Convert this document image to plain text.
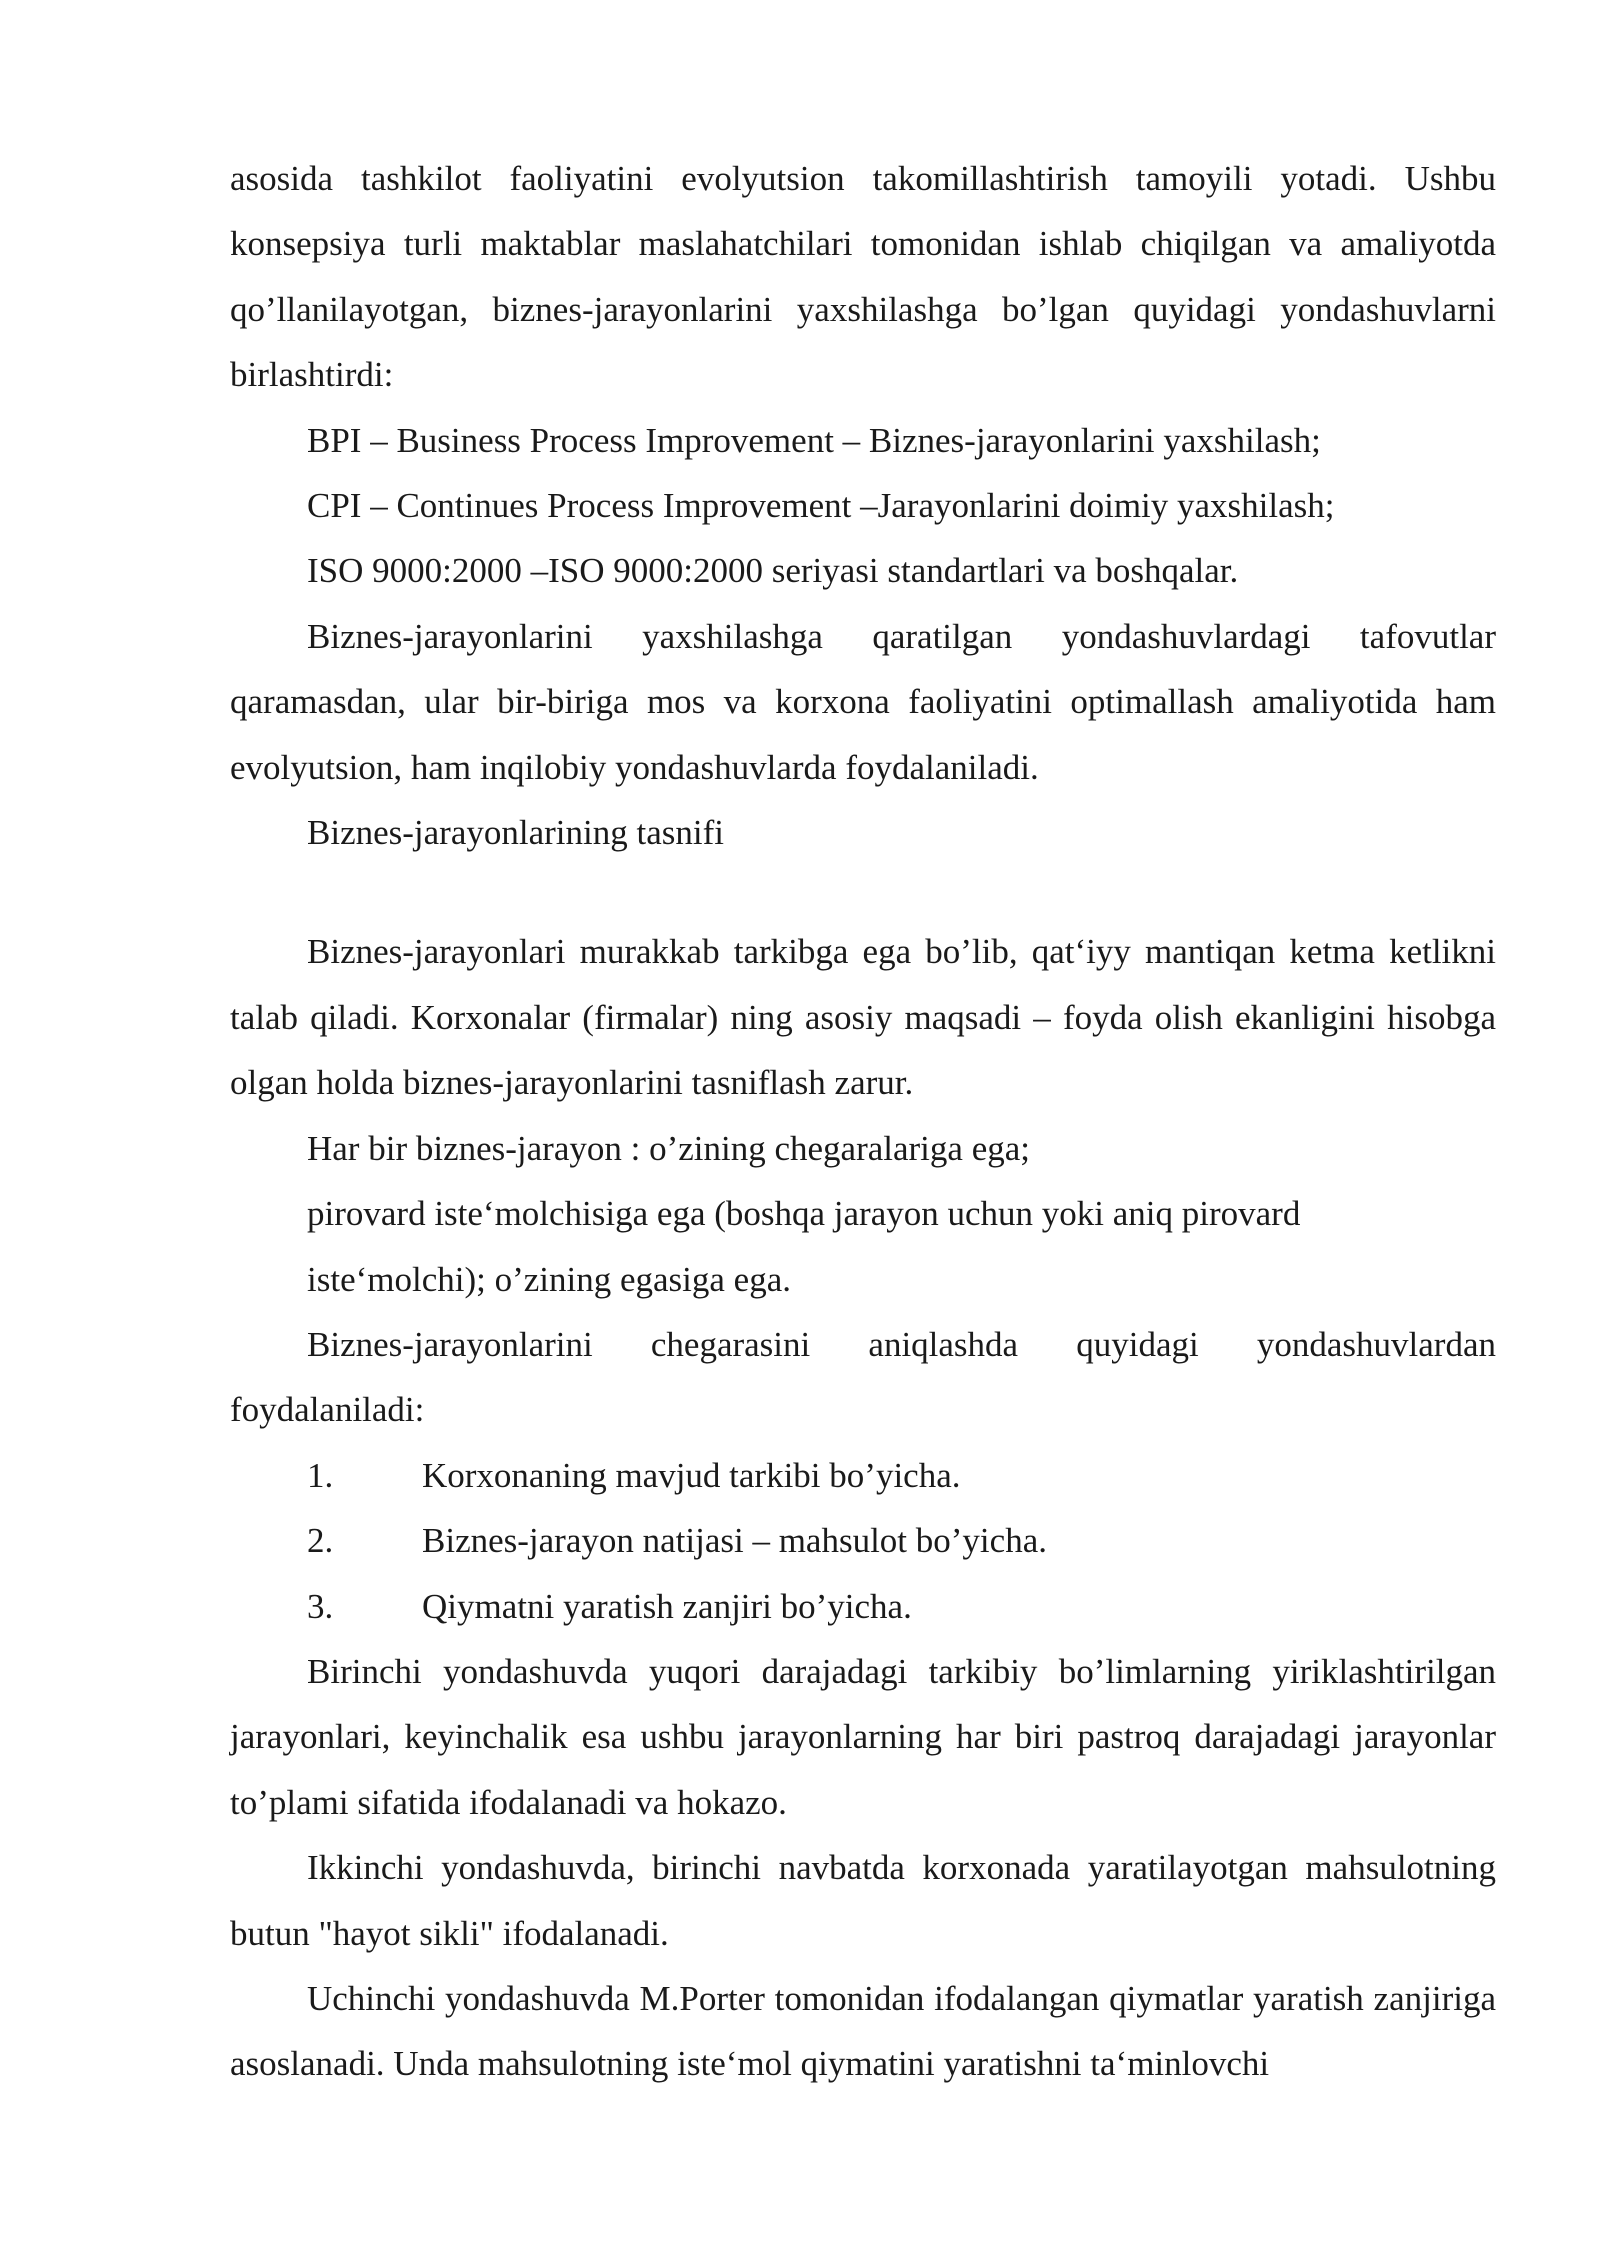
asosida tashkilot faoliyatini evolyutsion takomillashtirish tamoyili yotadi. Ushbu konsepsiya turli maktablar maslahatchilari tomonidan ishlab chiqilgan va amaliyotda qo’llanilayotgan, biznes-jarayonlarini yaxshilashga bo’lgan quyidagi yondashuvlarni birlashtirdi:

BPI – Business Process Improvement – Biznes-jarayonlarini yaxshilash;

CPI – Continues Process Improvement –Jarayonlarini doimiy yaxshilash;

ISO 9000:2000 –ISO 9000:2000 seriyasi standartlari va boshqalar.

Biznes-jarayonlarini yaxshilashga qaratilgan yondashuvlardagi tafovutlar qaramasdan, ular bir-biriga mos va korxona faoliyatini optimallash amaliyotida ham evolyutsion, ham inqilobiy yondashuvlarda foydalaniladi.

Biznes-jarayonlarining tasnifi

Biznes-jarayonlari murakkab tarkibga ega bo’lib, qat‘iyy mantiqan ketma ketlikni talab qiladi. Korxonalar (firmalar) ning asosiy maqsadi – foyda olish ekanligini hisobga olgan holda biznes-jarayonlarini tasniflash zarur.

Har bir biznes-jarayon : o’zining chegaralariga ega;

pirovard iste‘molchisiga ega (boshqa jarayon uchun yoki aniq pirovard

iste‘molchi); o’zining egasiga ega.

Biznes-jarayonlarini chegarasini aniqlashda quyidagi yondashuvlardan foydalaniladi:

1.	Korxonaning mavjud tarkibi bo’yicha.
2.	Biznes-jarayon natijasi – mahsulot bo’yicha.
3.	Qiymatni yaratish zanjiri bo’yicha.

Birinchi yondashuvda yuqori darajadagi tarkibiy bo’limlarning yiriklashtirilgan jarayonlari, keyinchalik esa ushbu jarayonlarning har biri pastroq darajadagi jarayonlar to’plami sifatida ifodalanadi va hokazo.

Ikkinchi yondashuvda, birinchi navbatda korxonada yaratilayotgan mahsulotning butun "hayot sikli" ifodalanadi.

Uchinchi yondashuvda M.Porter tomonidan ifodalangan qiymatlar yaratish zanjiriga asoslanadi. Unda mahsulotning iste‘mol qiymatini yaratishni ta‘minlovchi
